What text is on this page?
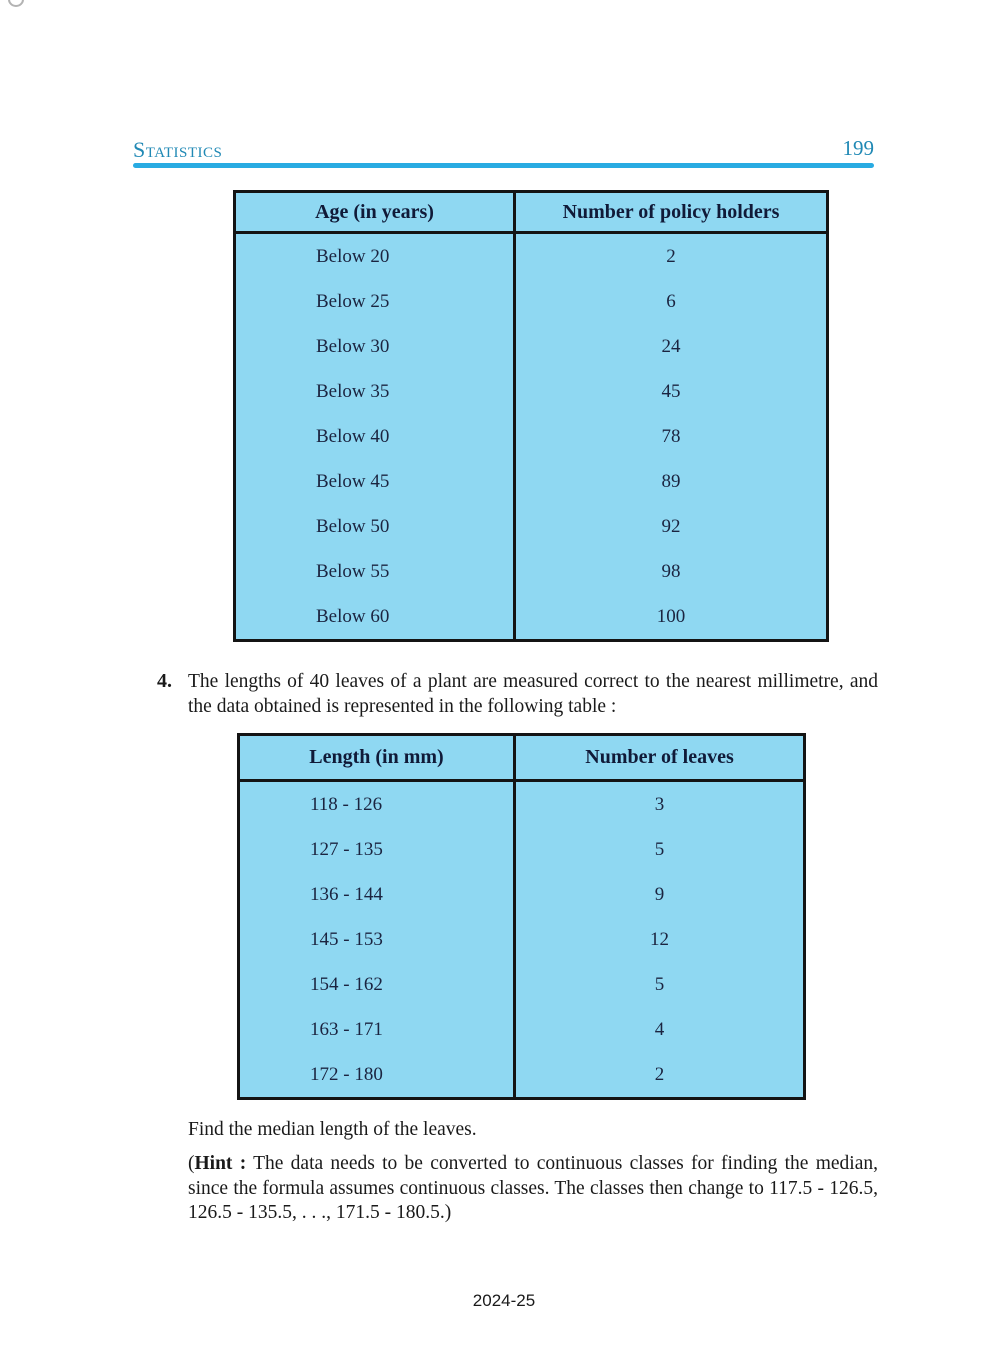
Statistics	199
Age (in years)	Number of policy holders
Below 20	2
Below 25	6
Below 30	24
Below 35	45
Below 40	78
Below 45	89
Below 50	92
Below 55	98
Below 60	100
4. The lengths of 40 leaves of a plant are measured correct to the nearest millimetre, and the data obtained is represented in the following table :
Length (in mm)	Number of leaves
118 - 126	3
127 - 135	5
136 - 144	9
145 - 153	12
154 - 162	5
163 - 171	4
172 - 180	2
Find the median length of the leaves.
(Hint : The data needs to be converted to continuous classes for finding the median, since the formula assumes continuous classes. The classes then change to 117.5 - 126.5, 126.5 - 135.5, . . ., 171.5 - 180.5.)
2024-25
